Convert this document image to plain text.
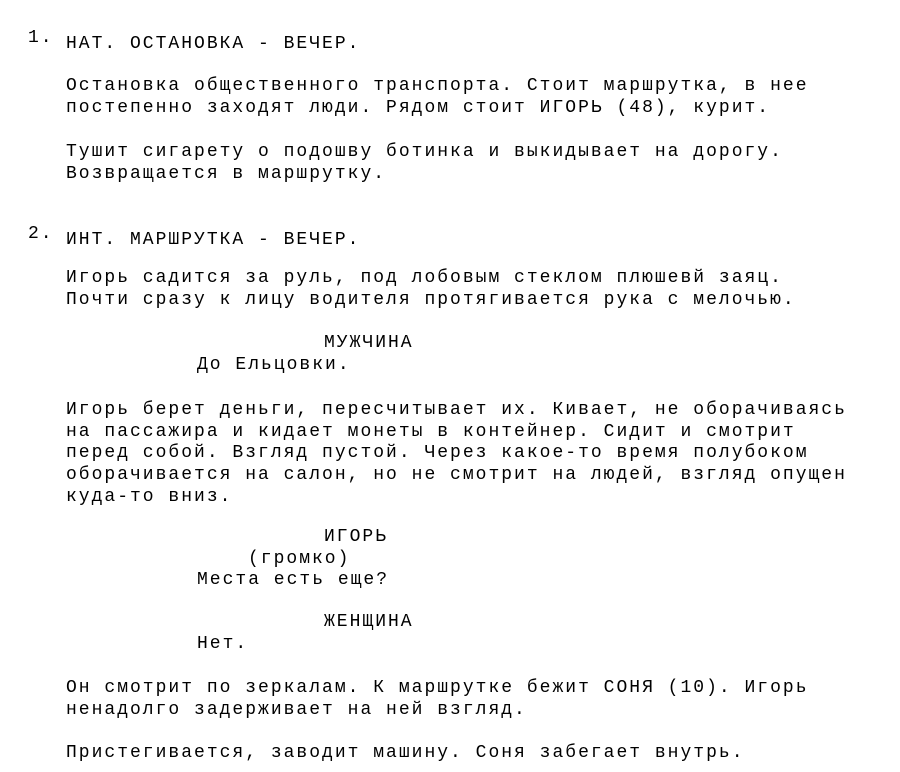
1. НАТ. ОСТАНОВКА - ВЕЧЕР.
Остановка общественного транспорта. Стоит маршрутка, в нее
постепенно заходят люди. Рядом стоит ИГОРЬ (48), курит.
Тушит сигарету о подошву ботинка и выкидывает на дорогу.
Возвращается в маршрутку.
2. ИНТ. МАРШРУТКА - ВЕЧЕР.
Игорь садится за руль, под лобовым стеклом плюшевй заяц.
Почти сразу к лицу водителя протягивается рука с мелочью.
МУЖЧИНА
До Ельцовки.
Игорь берет деньги, пересчитывает их. Кивает, не оборачиваясь
на пассажира и кидает монеты в контейнер. Сидит и смотрит
перед собой. Взгляд пустой. Через какое-то время полубоком
оборачивается на салон, но не смотрит на людей, взгляд опущен
куда-то вниз.
ИГОРЬ
(громко)
Места есть еще?
ЖЕНЩИНА
Нет.
Он смотрит по зеркалам. К маршрутке бежит СОНЯ (10). Игорь
ненадолго задерживает на ней взгляд.
Пристегивается, заводит машину. Соня забегает внутрь.
